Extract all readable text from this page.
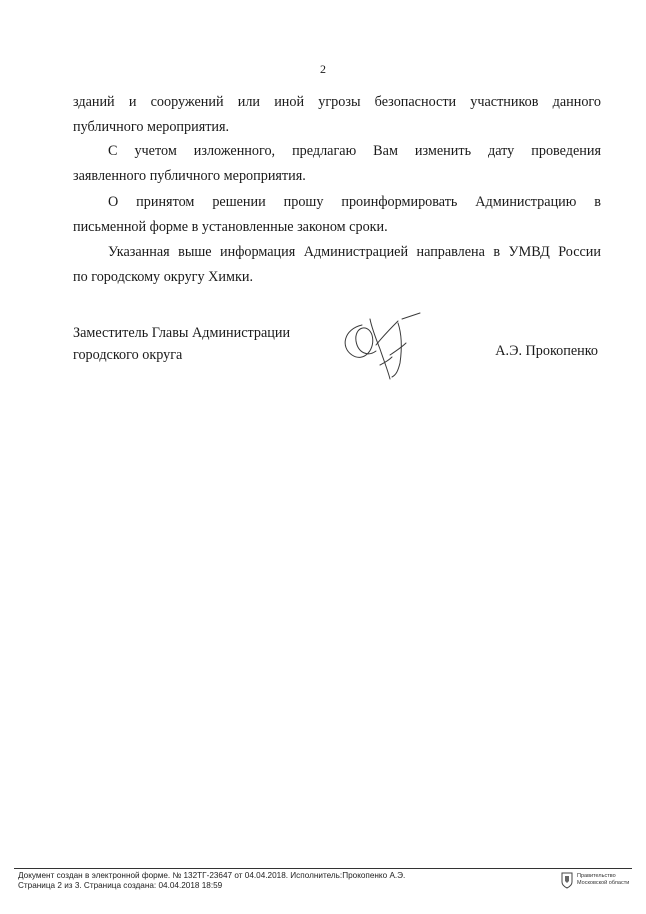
2
зданий и сооружений или иной угрозы безопасности участников данного
публичного мероприятия.
С учетом изложенного, предлагаю Вам изменить дату проведения
заявленного публичного мероприятия.
О принятом решении прошу проинформировать Администрацию в
письменной форме в установленные законом сроки.
Указанная выше информация Администрацией направлена в УМВД России
по городскому округу Химки.
Заместитель Главы Администрации
городского округа	А.Э. Прокопенко
Документ создан в электронной форме. № 132ТГ-23647 от 04.04.2018. Исполнитель:Прокопенко А.Э.
Страница 2 из 3. Страница создана: 04.04.2018 18:59
Правительство
Московской области
